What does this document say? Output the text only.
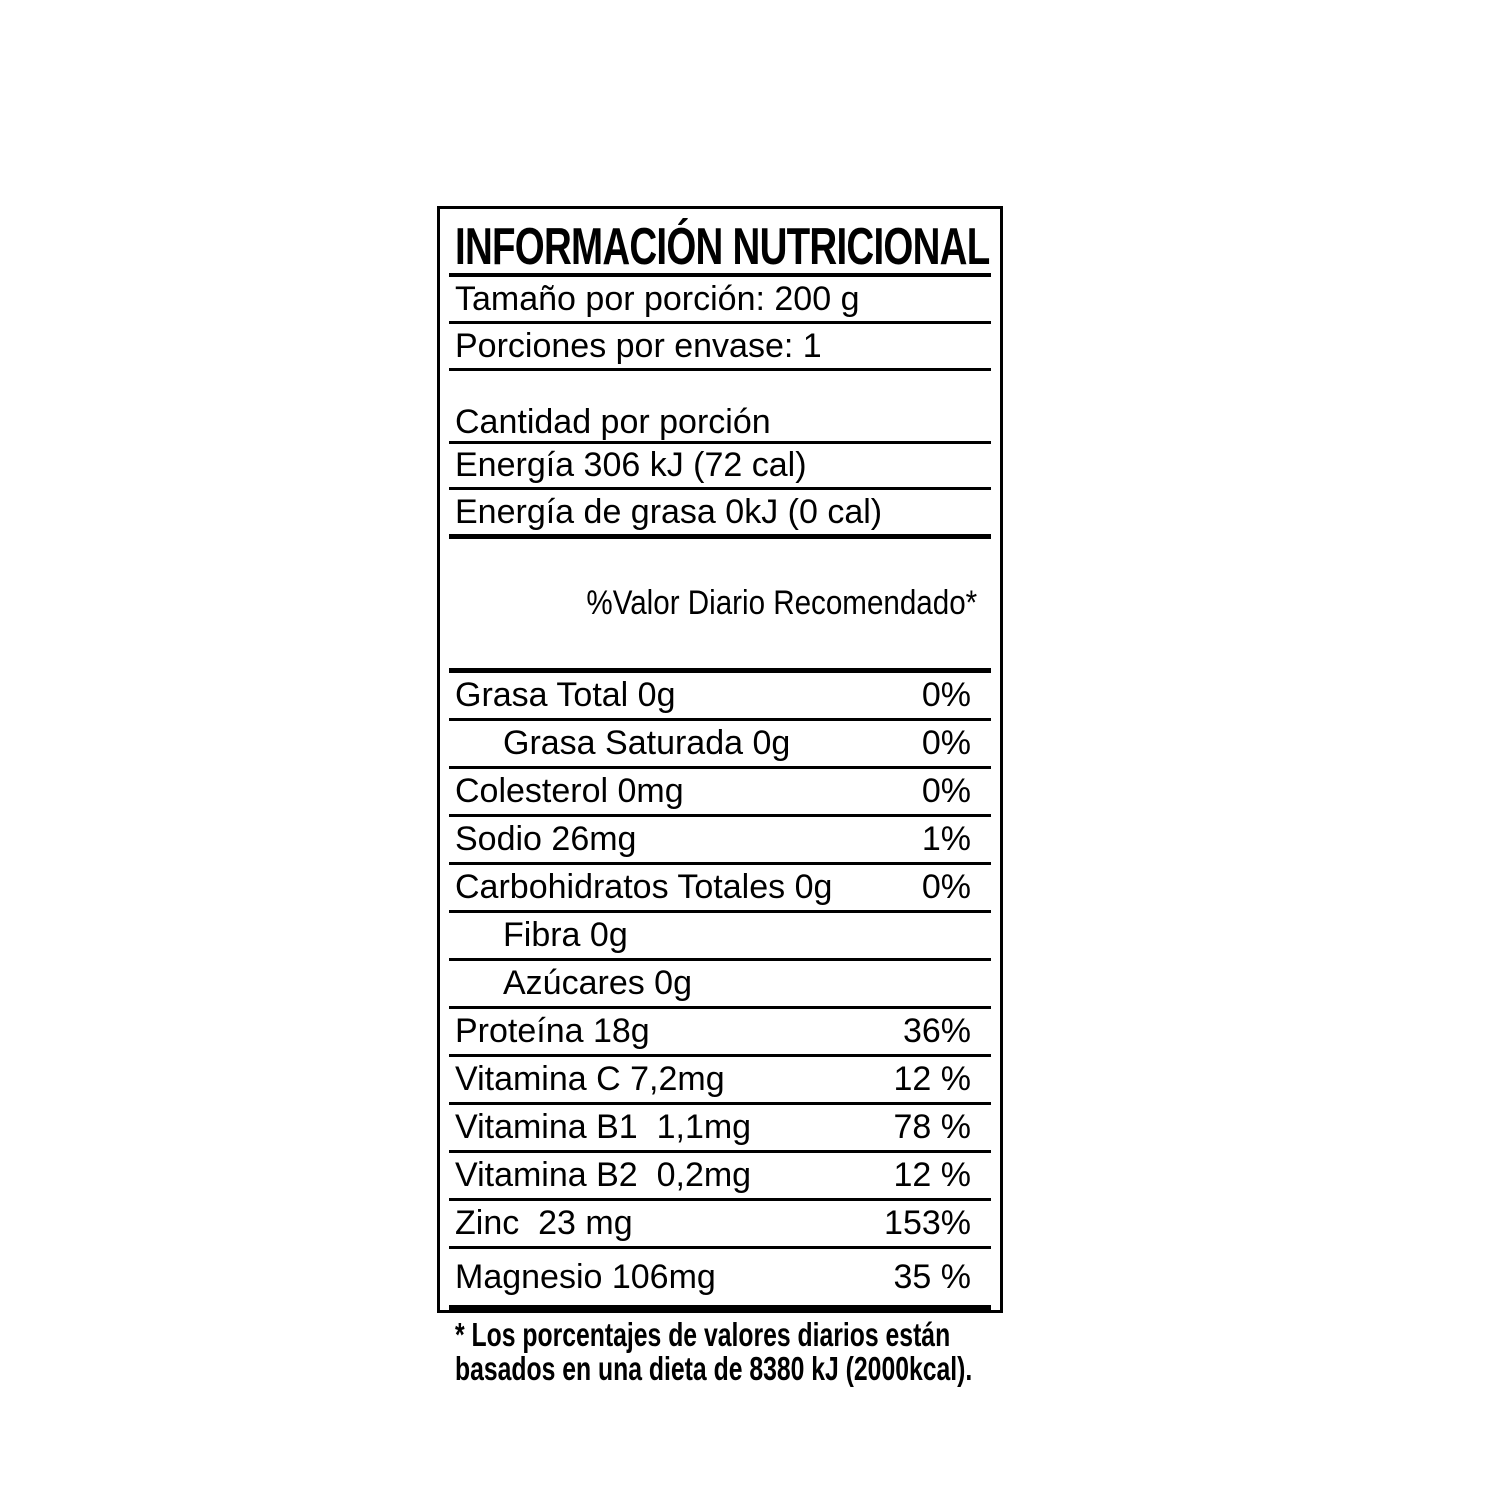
INFORMACIÓN NUTRICIONAL
Tamaño por porción: 200 g
Porciones por envase: 1
Cantidad por porción
Energía 306 kJ (72 cal)
Energía de grasa 0kJ (0 cal)

%Valor Diario Recomendado*

Grasa Total 0g	0%
Grasa Saturada 0g	0%
Colesterol 0mg	0%
Sodio 26mg	1%
Carbohidratos Totales 0g	0%
Fibra 0g
Azúcares 0g
Proteína 18g	36%
Vitamina C 7,2mg	12 %
Vitamina B1  1,1mg	78 %
Vitamina B2  0,2mg	12 %
Zinc  23 mg	153%
Magnesio 106mg	35 %
* Los porcentajes de valores diarios están
basados en una dieta de 8380 kJ (2000kcal).
